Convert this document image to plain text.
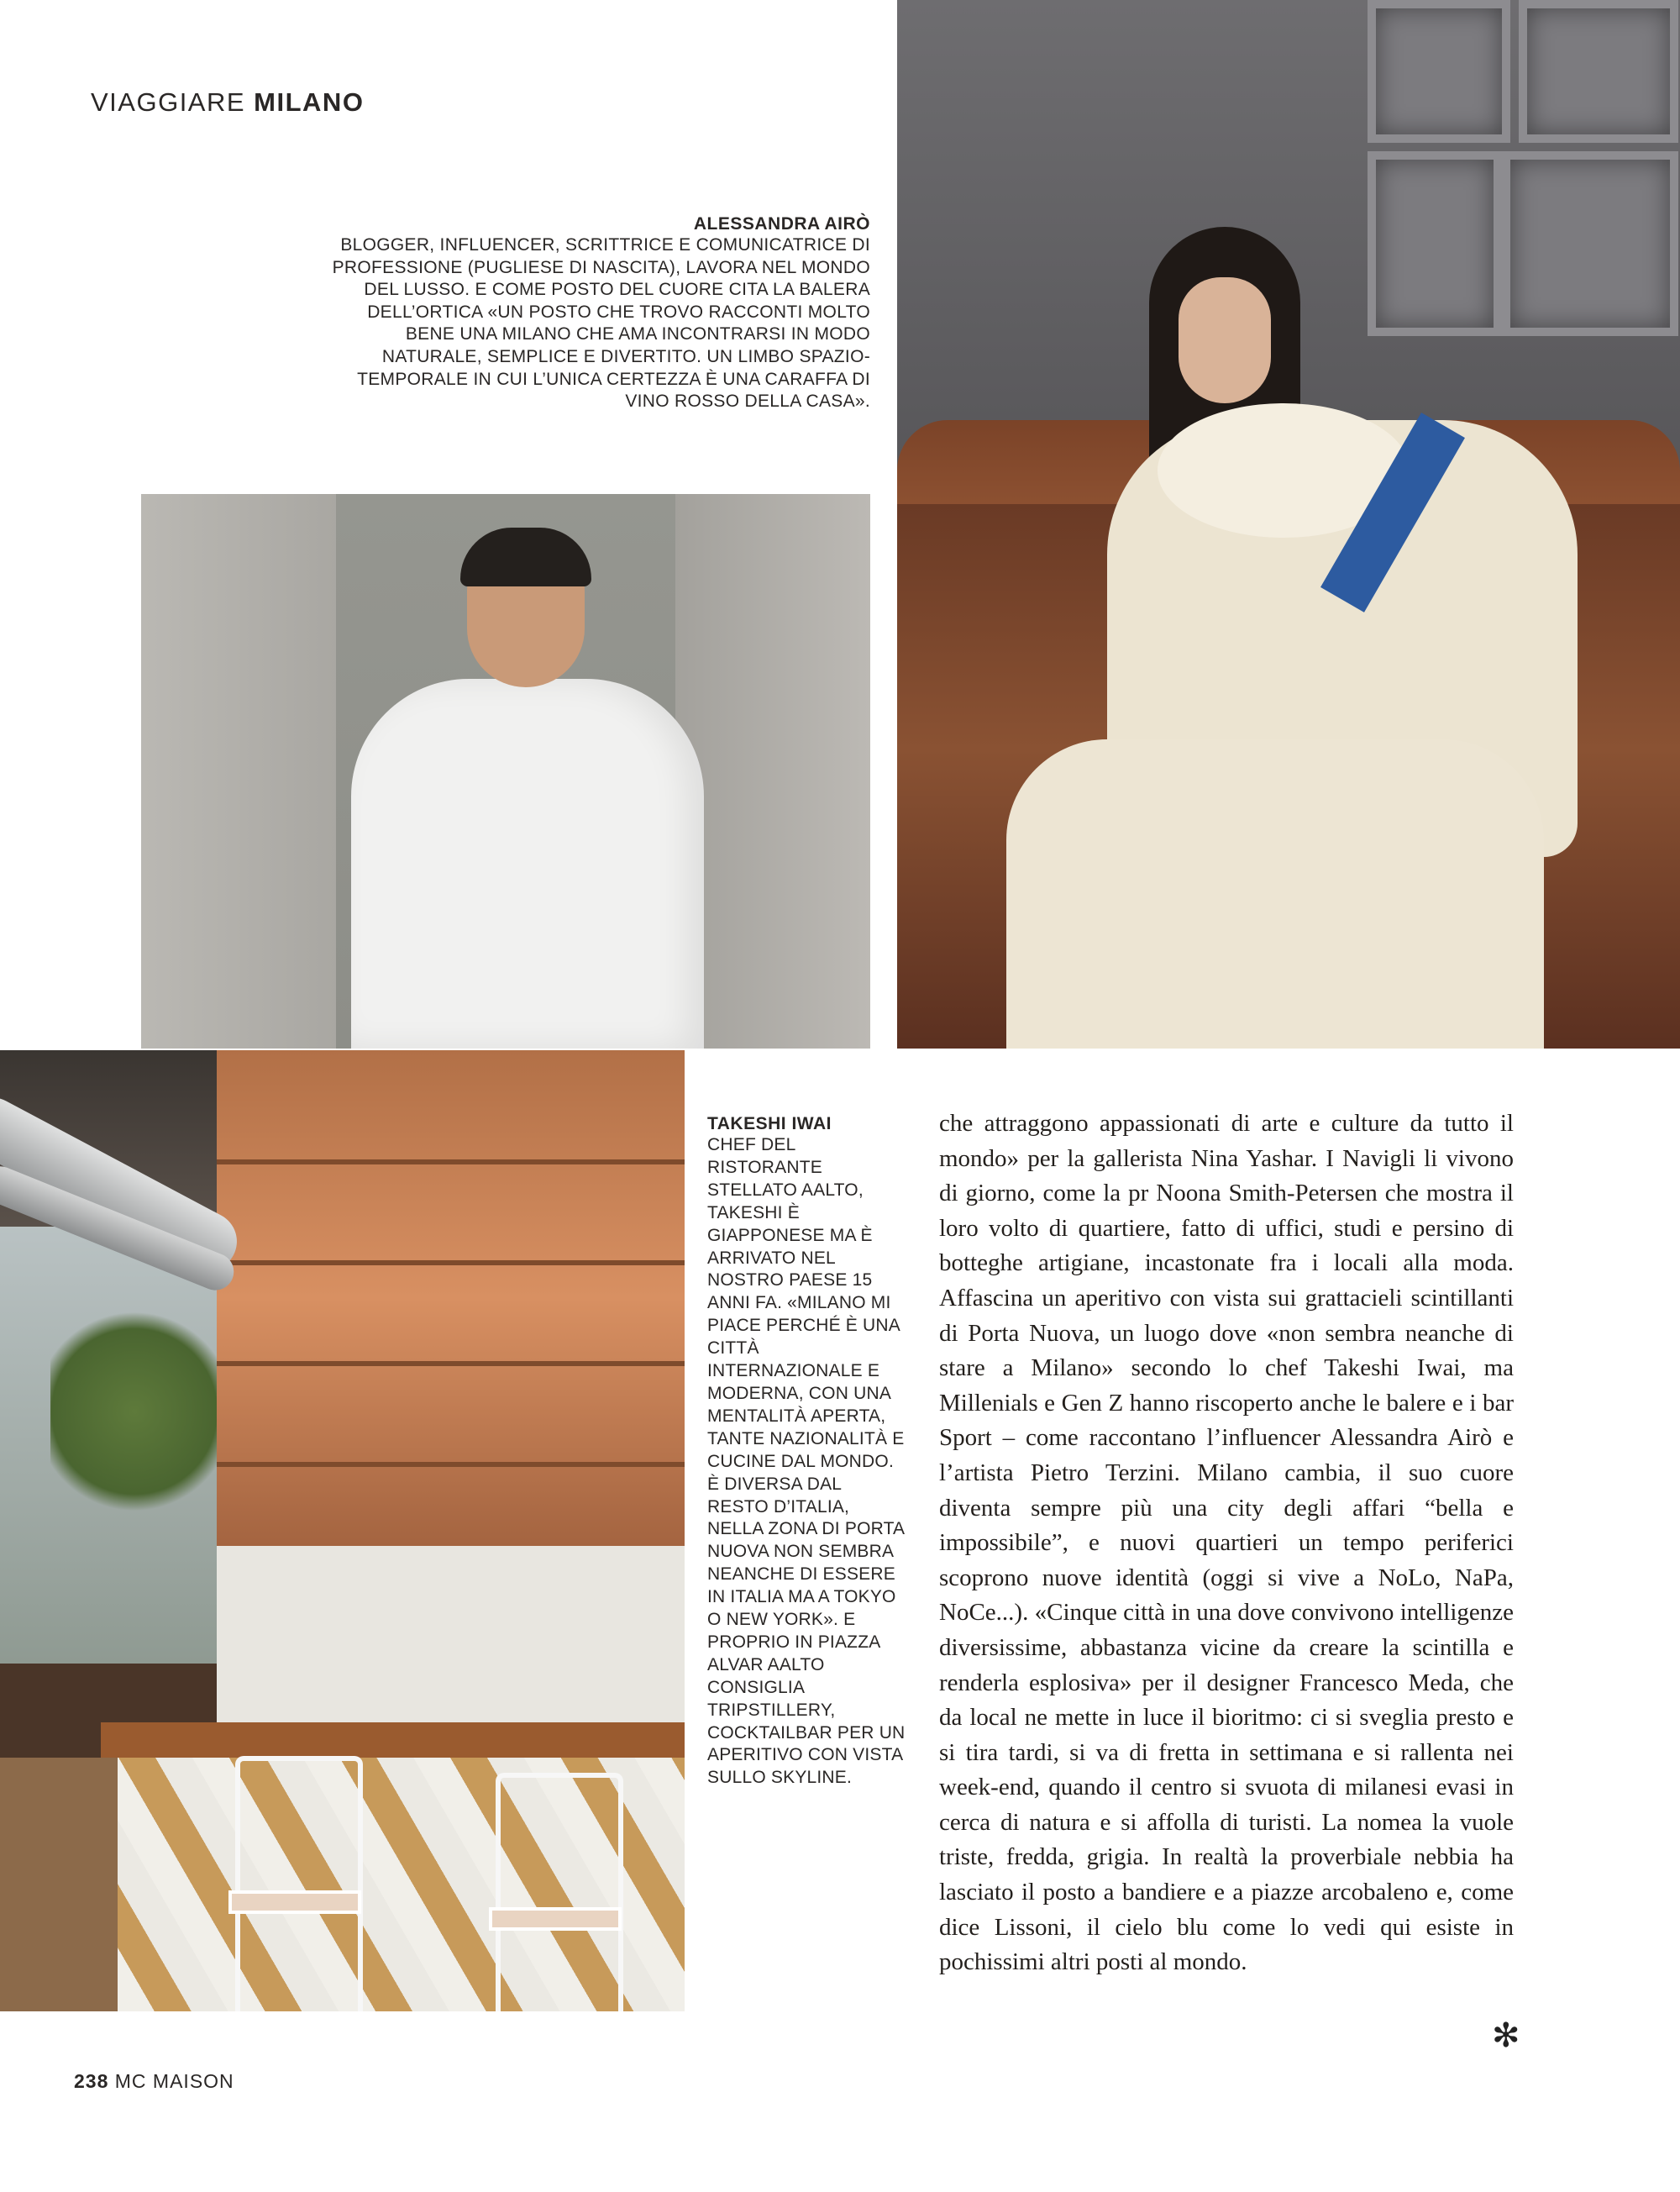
VIAGGIARE MILANO
ALESSANDRA AIRÒ
BLOGGER, INFLUENCER, SCRITTRICE E COMUNICATRICE DI PROFESSIONE (PUGLIESE DI NASCITA), LAVORA NEL MONDO DEL LUSSO. E COME POSTO DEL CUORE CITA LA BALERA DELL’ORTICA «UN POSTO CHE TROVO RACCONTI MOLTO BENE UNA MILANO CHE AMA INCONTRARSI IN MODO NATURALE, SEMPLICE E DIVERTITO. UN LIMBO SPAZIO-TEMPORALE IN CUI L’UNICA CERTEZZA È UNA CARAFFA DI VINO ROSSO DELLA CASA».
TAKESHI IWAI
CHEF DEL RISTORANTE STELLATO AALTO, TAKESHI È GIAPPONESE MA È ARRIVATO NEL NOSTRO PAESE 15 ANNI FA. «MILANO MI PIACE PERCHÉ È UNA CITTÀ INTERNAZIONALE E MODERNA, CON UNA MENTALITÀ APERTA, TANTE NAZIONALITÀ E CUCINE DAL MONDO. È DIVERSA DAL RESTO D’ITALIA, NELLA ZONA DI PORTA NUOVA NON SEMBRA NEANCHE DI ESSERE IN ITALIA MA A TOKYO O NEW YORK». E PROPRIO IN PIAZZA ALVAR AALTO CONSIGLIA TRIPSTILLERY, COCKTAILBAR PER UN APERITIVO CON VISTA SULLO SKYLINE.
che attraggono appassionati di arte e culture da tutto il mondo» per la gallerista Nina Yashar. I Navigli li vivono di giorno, come la pr Noona Smith-Petersen che mostra il loro volto di quartiere, fatto di uffici, studi e persino di botteghe artigiane, incastonate fra i locali alla moda. Affascina un aperitivo con vista sui grattacieli scintillanti di Porta Nuova, un luogo dove «non sembra neanche di stare a Milano» secondo lo chef Takeshi Iwai, ma Millenials e Gen Z hanno riscoperto anche le balere e i bar Sport – come raccontano l’influencer Alessandra Airò e l’artista Pietro Terzini. Milano cambia, il suo cuore diventa sempre più una city degli affari “bella e impossibile”, e nuovi quartieri un tempo periferici scoprono nuove identità (oggi si vive a NoLo, NaPa, NoCe...). «Cinque città in una dove convivono intelligenze diversissime, abbastanza vicine da creare la scintilla e renderla esplosiva» per il designer Francesco Meda, che da local ne mette in luce il bioritmo: ci si sveglia presto e si tira tardi, si va di fretta in settimana e si rallenta nei week-end, quando il centro si svuota di milanesi evasi in cerca di natura e si affolla di turisti. La nomea la vuole triste, fredda, grigia. In realtà la proverbiale nebbia ha lasciato il posto a bandiere e a piazze arcobaleno e, come dice Lissoni, il cielo blu come lo vedi qui esiste in pochissimi altri posti al mondo.
✻
238 MC MAISON
